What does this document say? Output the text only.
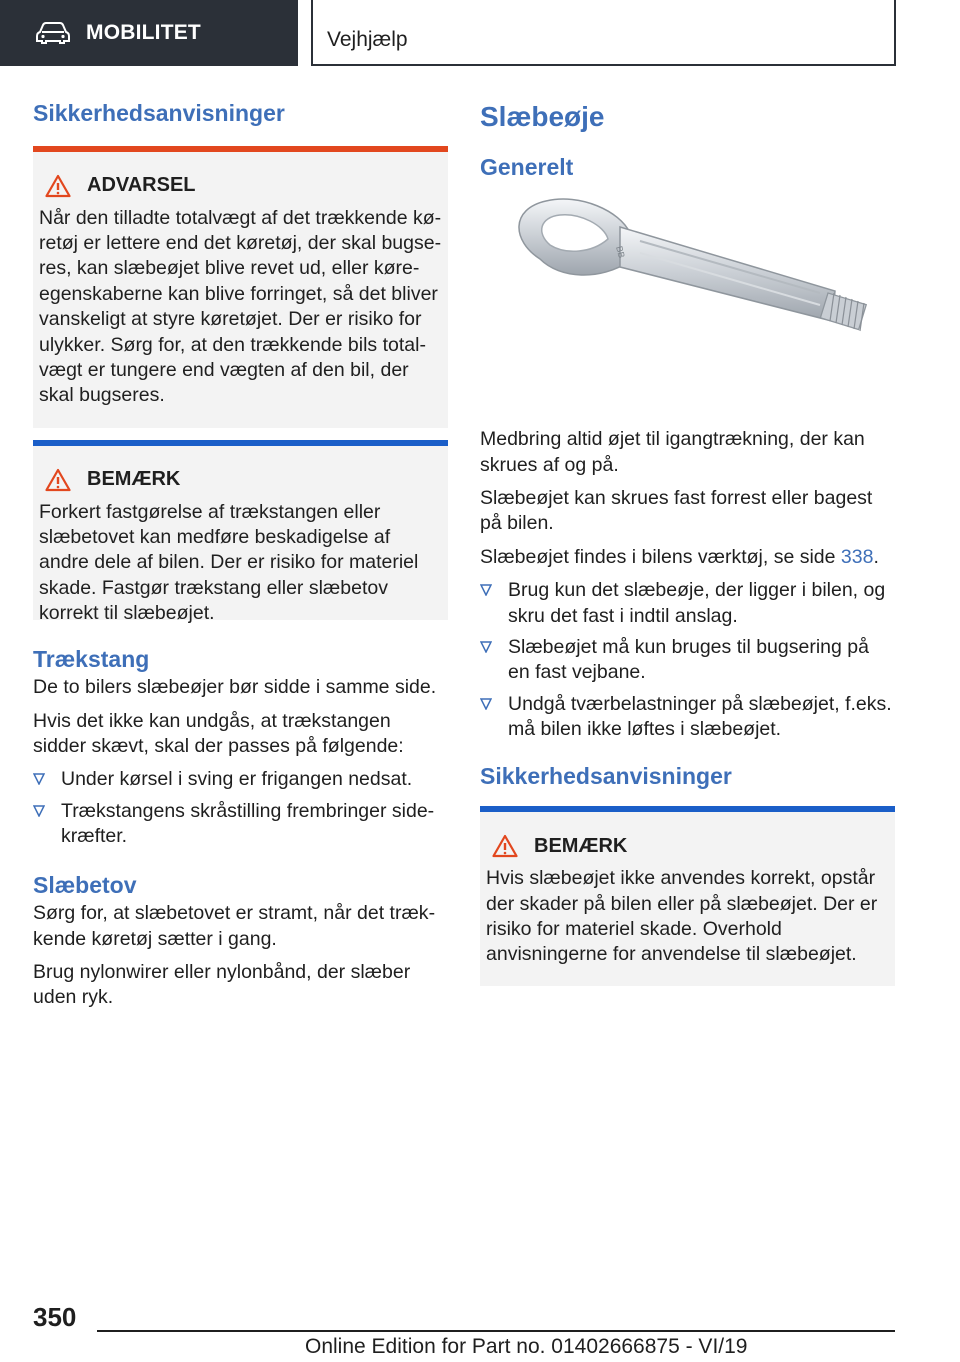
MOBILITET	Vejhjælp
Sikkerhedsanvisninger
ADVARSEL

Når den tilladte totalvægt af det trækkende køretøj er lettere end det køretøj, der skal bugseres, kan slæbeøjet blive revet ud, eller køreegenskaberne kan blive forringet, så det bliver vanskeligt at styre køretøjet. Der er risiko for ulykker. Sørg for, at den trækkende bils totalvægt er tungere end vægten af den bil, der skal bugseres.

BEMÆRK

Forkert fastgørelse af trækstangen eller slæbetovet kan medføre beskadigelse af andre dele af bilen. Der er risiko for materiel skade. Fastgør trækstang eller slæbetov korrekt til slæbeøjet.

Trækstang

De to bilers slæbeøjer bør sidde i samme side.

Hvis det ikke kan undgås, at trækstangen sidder skævt, skal der passes på følgende:

Under kørsel i sving er frigangen nedsat.
Trækstangens skråstilling frembringer sidekræfter.
Slæbetov

Sørg for, at slæbetovet er stramt, når det trækkende køretøj sætter i gang.

Brug nylonwirer eller nylonbånd, der slæber uden ryk.

Slæbeøje
Generelt
BB

Medbring altid øjet til igangtrækning, der kan skrues af og på.

Slæbeøjet kan skrues fast forrest eller bagest på bilen.

Slæbeøjet findes i bilens værktøj, se side 338.

Brug kun det slæbeøje, der ligger i bilen, og skru det fast i indtil anslag.
Slæbeøjet må kun bruges til bugsering på en fast vejbane.
Undgå tværbelastninger på slæbeøjet, f.eks. må bilen ikke løftes i slæbeøjet.
Sikkerhedsanvisninger
BEMÆRK

Hvis slæbeøjet ikke anvendes korrekt, opstår der skader på bilen eller på slæbeøjet. Der er risiko for materiel skade. Overhold anvisningerne for anvendelse til slæbeøjet.

350
Online Edition for Part no. 01402666875 - VI/19
